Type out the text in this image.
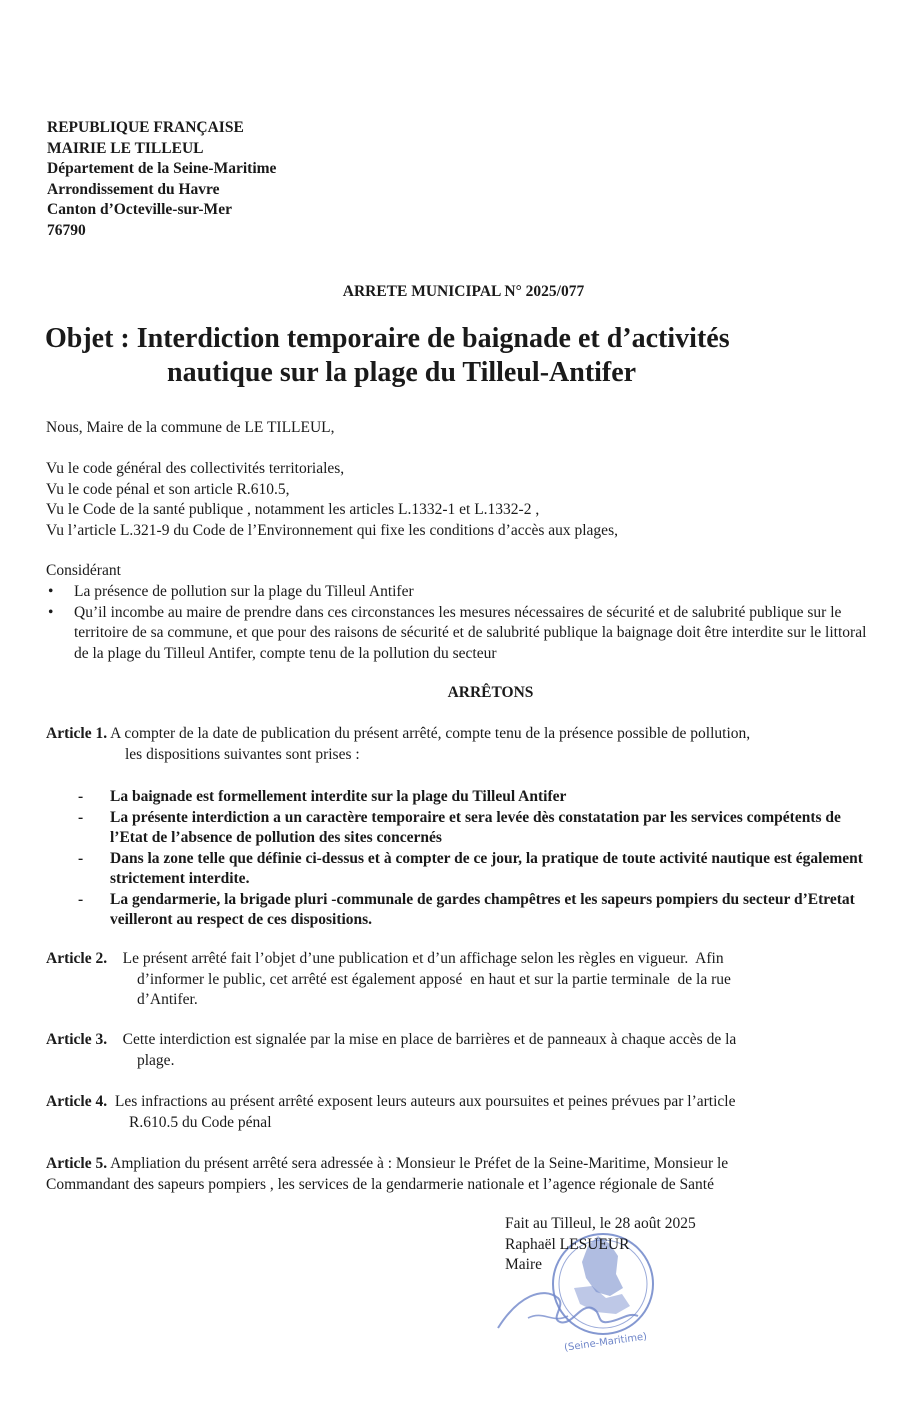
REPUBLIQUE FRANÇAISE
MAIRIE LE TILLEUL
Département de la Seine-Maritime
Arrondissement du Havre
Canton d’Octeville-sur-Mer
76790
ARRETE MUNICIPAL N° 2025/077
Objet : Interdiction temporaire de baignade et d’activités
nautique sur la plage du Tilleul-Antifer
Nous, Maire de la commune de LE TILLEUL,
Vu le code général des collectivités territoriales,
Vu le code pénal et son article R.610.5,
Vu le Code de la santé publique , notamment les articles L.1332-1 et L.1332-2 ,
Vu l’article L.321-9 du Code de l’Environnement qui fixe les conditions d’accès aux plages,
Considérant
• La présence de pollution sur la plage du Tilleul Antifer
• Qu’il incombe au maire de prendre dans ces circonstances les mesures nécessaires de sécurité et de salubrité publique sur le territoire de sa commune, et que pour des raisons de sécurité et de salubrité publique la baignage doit être interdite sur le littoral de la plage du Tilleul Antifer, compte tenu de la pollution du secteur
ARRÊTONS
Article 1. A compter de la date de publication du présent arrêté, compte tenu de la présence possible de pollution,
les dispositions suivantes sont prises :
- La baignade est formellement interdite sur la plage du Tilleul Antifer
- La présente interdiction a un caractère temporaire et sera levée dès constatation par les services compétents de l’Etat de l’absence de pollution des sites concernés
- Dans la zone telle que définie ci-dessus et à compter de ce jour, la pratique de toute activité nautique est également strictement interdite.
- La gendarmerie, la brigade pluri -communale de gardes champêtres et les sapeurs pompiers du secteur d’Etretat veilleront au respect de ces dispositions.
Article 2.    Le présent arrêté fait l’objet d’une publication et d’un affichage selon les règles en vigueur.  Afin
d’informer le public, cet arrêté est également apposé  en haut et sur la partie terminale  de la rue
d’Antifer.
Article 3.    Cette interdiction est signalée par la mise en place de barrières et de panneaux à chaque accès de la
plage.
Article 4.  Les infractions au présent arrêté exposent leurs auteurs aux poursuites et peines prévues par l’article
R.610.5 du Code pénal
Article 5. Ampliation du présent arrêté sera adressée à : Monsieur le Préfet de la Seine-Maritime, Monsieur le
Commandant des sapeurs pompiers , les services de la gendarmerie nationale et l’agence régionale de Santé
(Seine-Maritime)
Fait au Tilleul, le 28 août 2025
Raphaël LESUEUR
Maire
